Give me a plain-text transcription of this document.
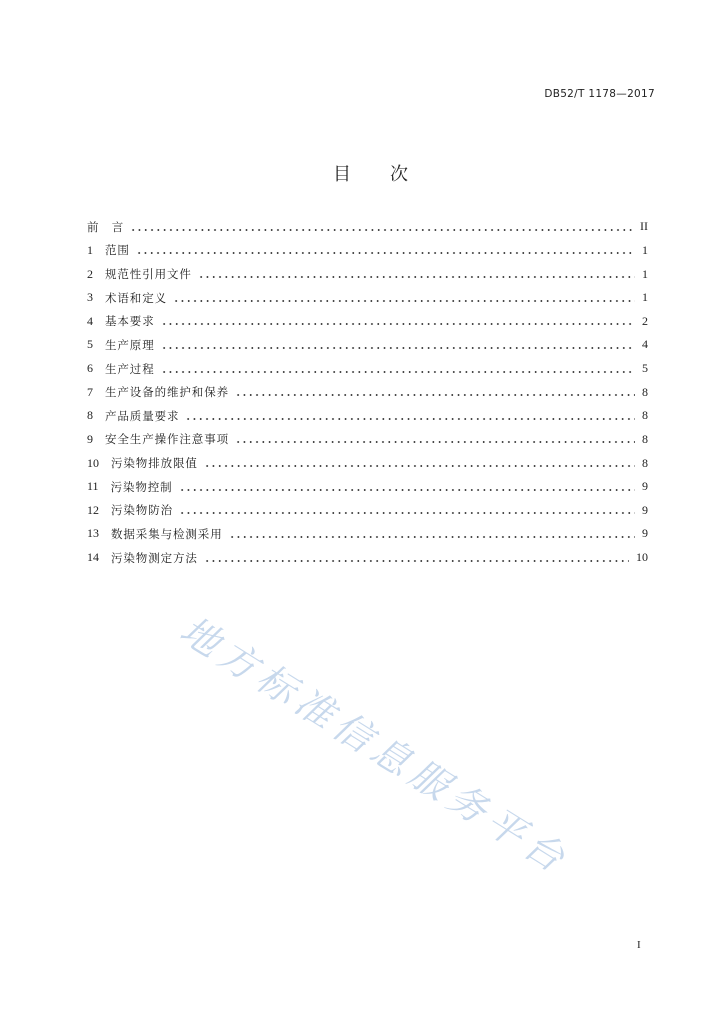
DB52/T 1178—2017
目　　次
前　言	II
1 范围	1
2 规范性引用文件	1
3 术语和定义	1
4 基本要求	2
5 生产原理	4
6 生产过程	5
7 生产设备的维护和保养	8
8 产品质量要求	8
9 安全生产操作注意事项	8
10 污染物排放限值	8
11 污染物控制	9
12 污染物防治	9
13 数据采集与检测采用	9
14 污染物测定方法	10
地方标准信息服务平台
I
